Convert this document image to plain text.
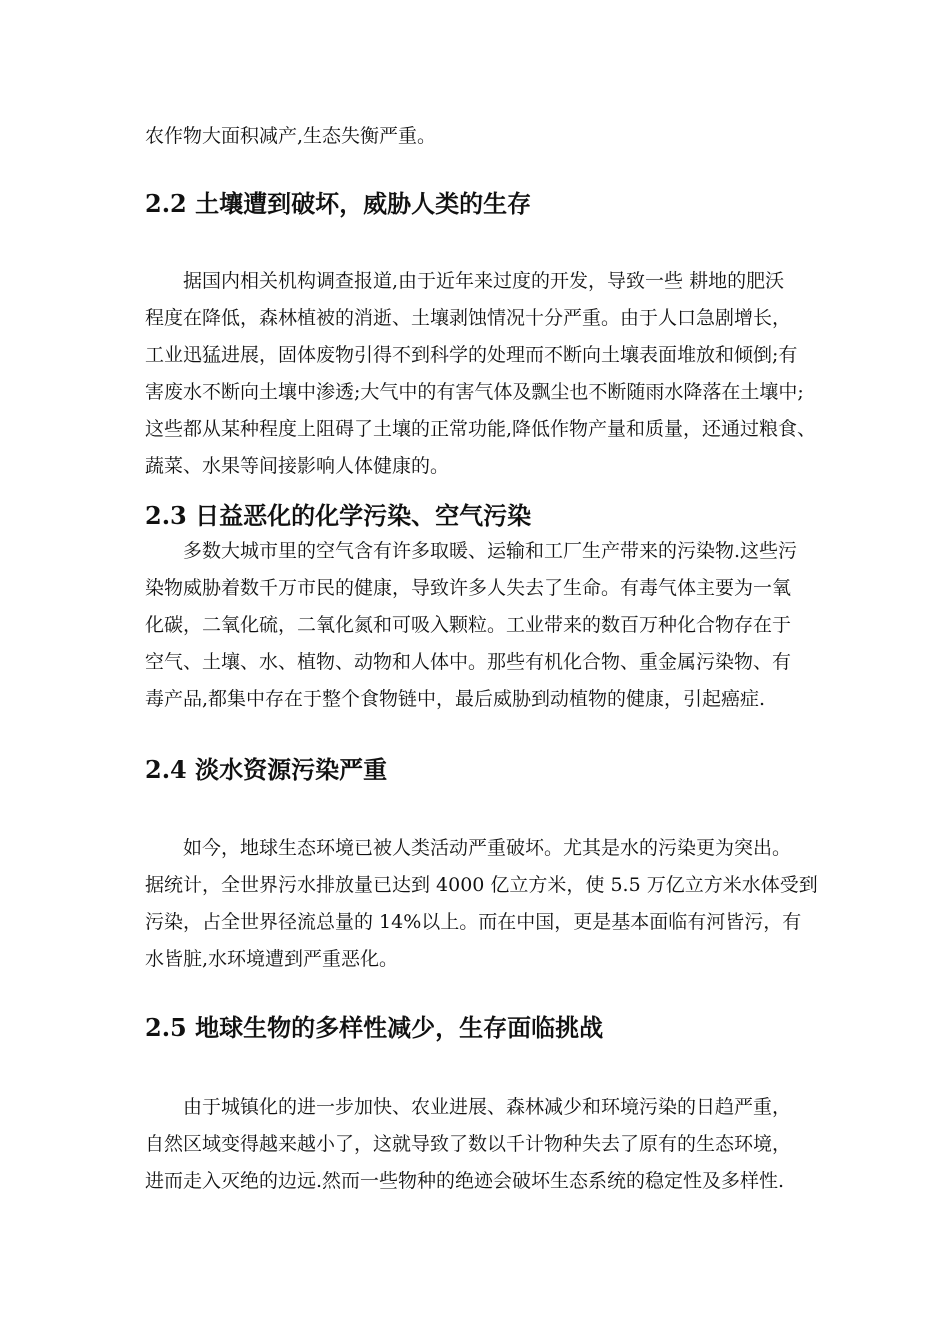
农作物大面积减产,生态失衡严重。

2.2 土壤遭到破坏，威胁人类的生存

据国内相关机构调查报道,由于近年来过度的开发，导致一些 耕地的肥沃
程度在降低，森林植被的消逝、土壤剥蚀情况十分严重。由于人口急剧增长，
工业迅猛进展，固体废物引得不到科学的处理而不断向土壤表面堆放和倾倒;有
害废水不断向土壤中渗透;大气中的有害气体及飘尘也不断随雨水降落在土壤中;
这些都从某种程度上阻碍了土壤的正常功能,降低作物产量和质量，还通过粮食、
蔬菜、水果等间接影响人体健康的。

2.3 日益恶化的化学污染、空气污染

多数大城市里的空气含有许多取暖、运输和工厂生产带来的污染物.这些污
染物威胁着数千万市民的健康，导致许多人失去了生命。有毒气体主要为一氧
化碳，二氧化硫，二氧化氮和可吸入颗粒。工业带来的数百万种化合物存在于
空气、土壤、水、植物、动物和人体中。那些有机化合物、重金属污染物、有
毒产品,都集中存在于整个食物链中，最后威胁到动植物的健康，引起癌症.

2.4 淡水资源污染严重

如今，地球生态环境已被人类活动严重破坏。尤其是水的污染更为突出。
据统计，全世界污水排放量已达到 4000 亿立方米，使 5.5 万亿立方米水体受到
污染，占全世界径流总量的 14%以上。而在中国，更是基本面临有河皆污，有
水皆脏,水环境遭到严重恶化。

2.5 地球生物的多样性减少，生存面临挑战

由于城镇化的进一步加快、农业进展、森林减少和环境污染的日趋严重，
自然区域变得越来越小了，这就导致了数以千计物种失去了原有的生态环境，
进而走入灭绝的边远.然而一些物种的绝迹会破坏生态系统的稳定性及多样性.
